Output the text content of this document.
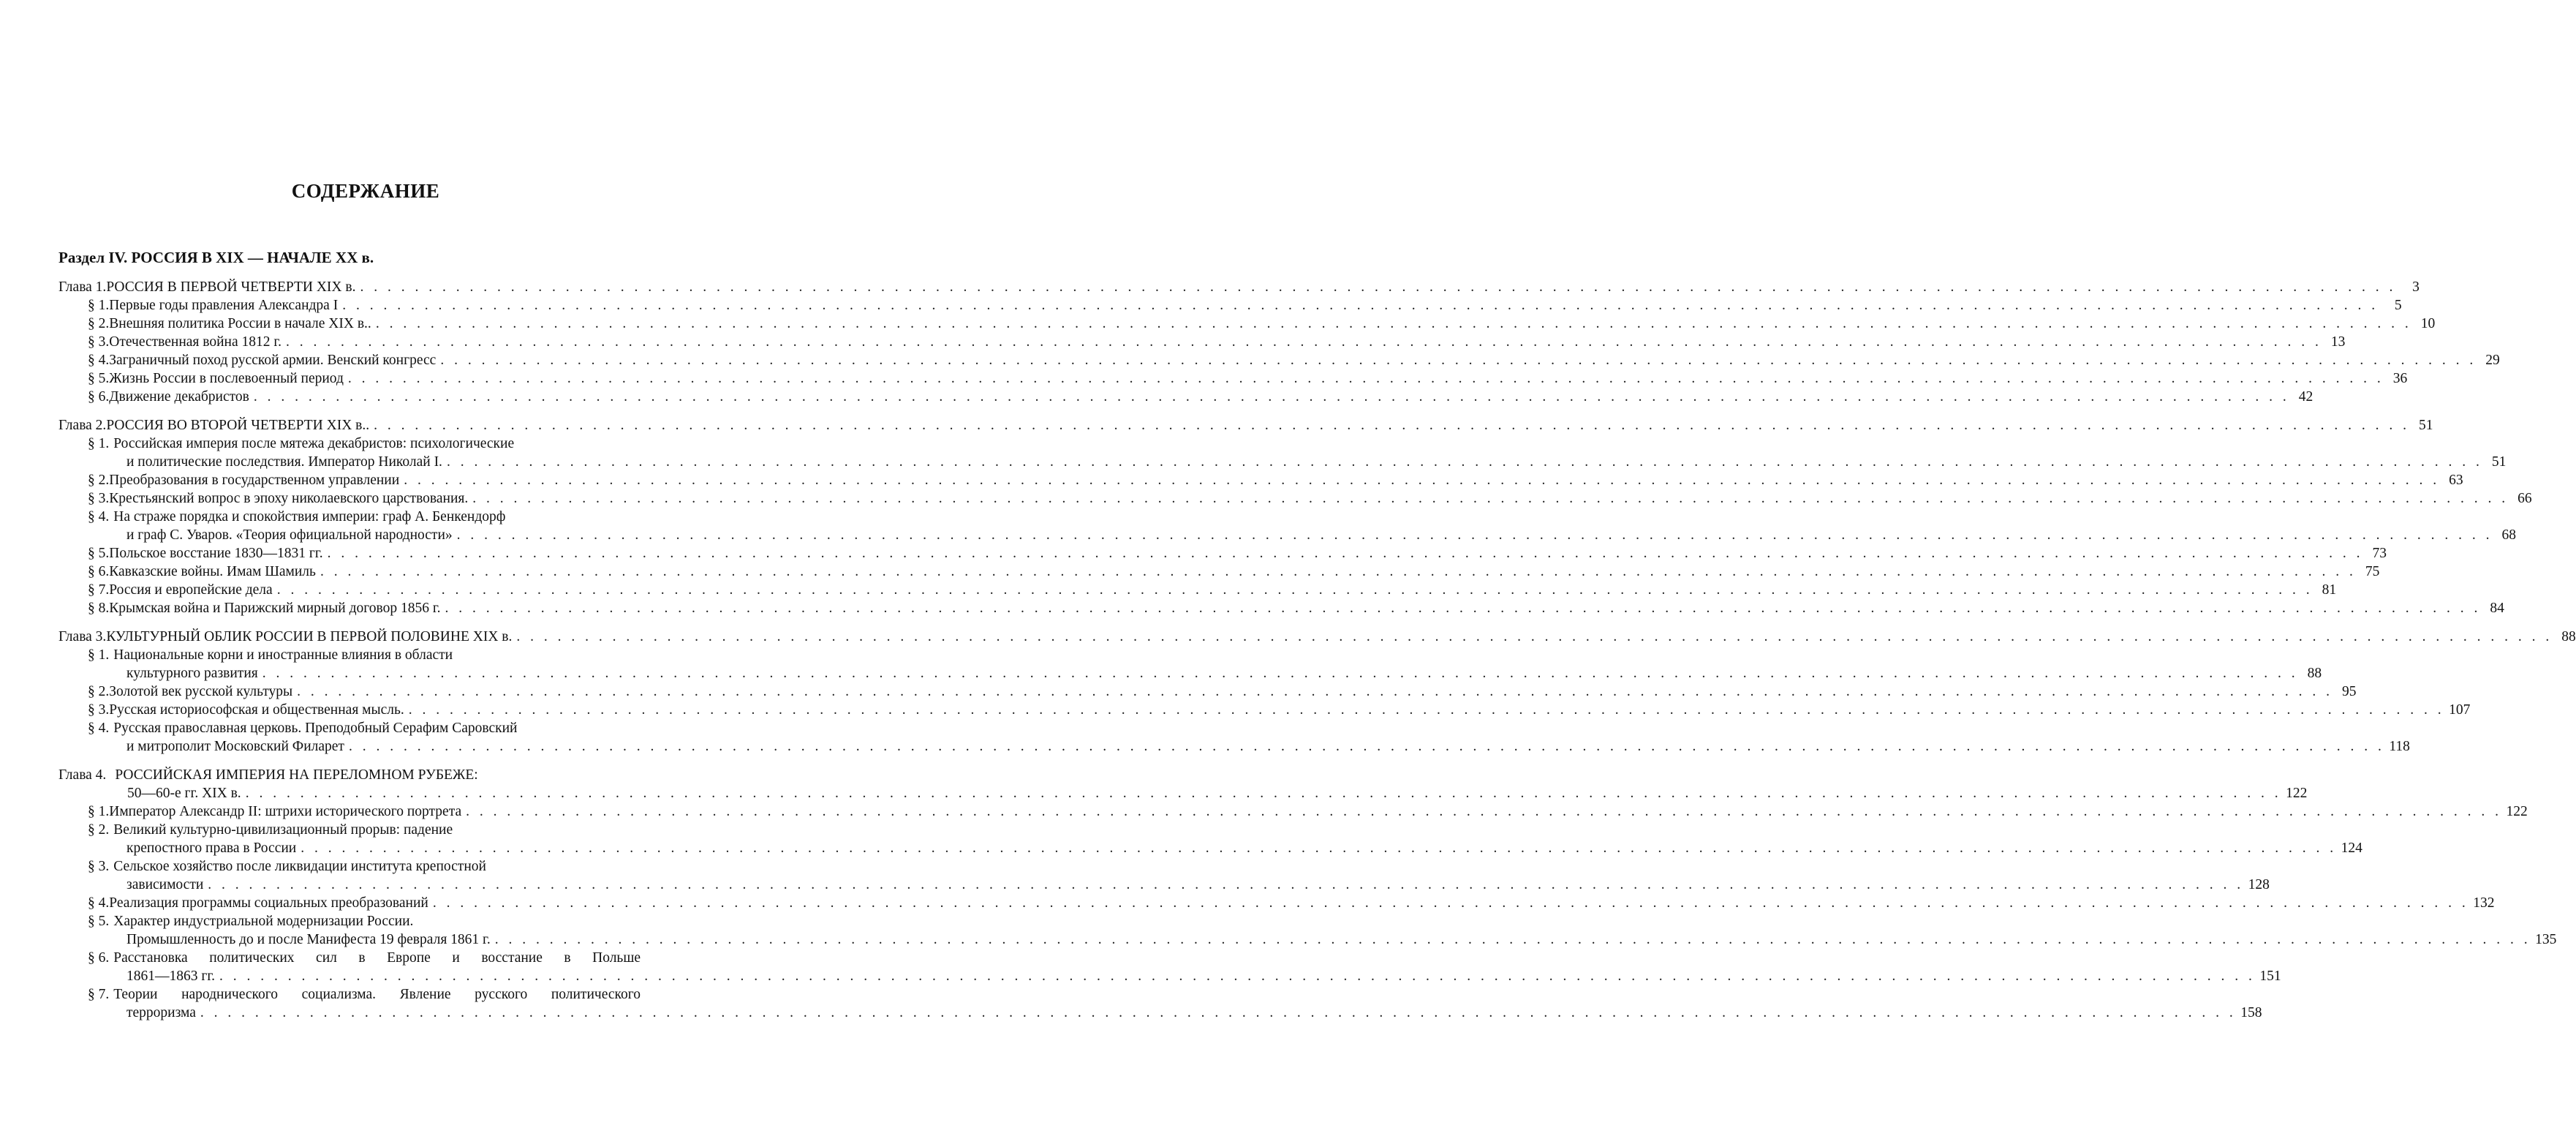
СОДЕРЖАНИЕ
Раздел IV. РОССИЯ В XIX — НАЧАЛЕ XX в.
Глава 1. РОССИЯ В ПЕРВОЙ ЧЕТВЕРТИ XIX в. . . .	3
§ 1. Первые годы правления Александра I . . .	5
§ 2. Внешняя политика России в начале XIX в.. . . .	10
§ 3. Отечественная война 1812 г. . . .	13
§ 4. Заграничный поход русской армии. Венский конгресс . . .	29
§ 5. Жизнь России в послевоенный период . . .	36
§ 6. Движение декабристов . . .	42
Глава 2. РОССИЯ ВО ВТОРОЙ ЧЕТВЕРТИ XIX в.. . . .	51
§ 1. Российская империя после мятежа декабристов: психологические
и политические последствия. Император Николай I. . . .	51
§ 2. Преобразования в государственном управлении . . .	63
§ 3. Крестьянский вопрос в эпоху николаевского царствования. . . .	66
§ 4. На страже порядка и спокойствия империи: граф А. Бенкендорф
и граф С. Уваров. «Теория официальной народности» . . .	68
§ 5. Польское восстание 1830—1831 гг. . . .	73
§ 6. Кавказские войны. Имам Шамиль . . .	75
§ 7. Россия и европейские дела . . .	81
§ 8. Крымская война и Парижский мирный договор 1856 г. . . .	84
Глава 3. КУЛЬТУРНЫЙ ОБЛИК РОССИИ В ПЕРВОЙ ПОЛОВИНЕ XIX в. . . .	88
§ 1. Национальные корни и иностранные влияния в области
культурного развития . . .	88
§ 2. Золотой век русской культуры . . .	95
§ 3. Русская историософская и общественная мысль. . . .	107
§ 4. Русская православная церковь. Преподобный Серафим Саровский
и митрополит Московский Филарет . . .	118
Глава 4. РОССИЙСКАЯ ИМПЕРИЯ НА ПЕРЕЛОМНОМ РУБЕЖЕ:
50—60-е гг. XIX в. . . .	122
§ 1. Император Александр II: штрихи исторического портрета . . .	122
§ 2. Великий культурно-цивилизационный прорыв: падение
крепостного права в России . . .	124
§ 3. Сельское хозяйство после ликвидации института крепостной
зависимости . . .	128
§ 4. Реализация программы социальных преобразований . . .	132
§ 5. Характер индустриальной модернизации России.
Промышленность до и после Манифеста 19 февраля 1861 г. . . .	135
§ 6. Расстановка политических сил в Европе и восстание в Польше
1861—1863 гг. . . .	151
§ 7. Теории народнического социализма. Явление русского политического
терроризма . . .	158
